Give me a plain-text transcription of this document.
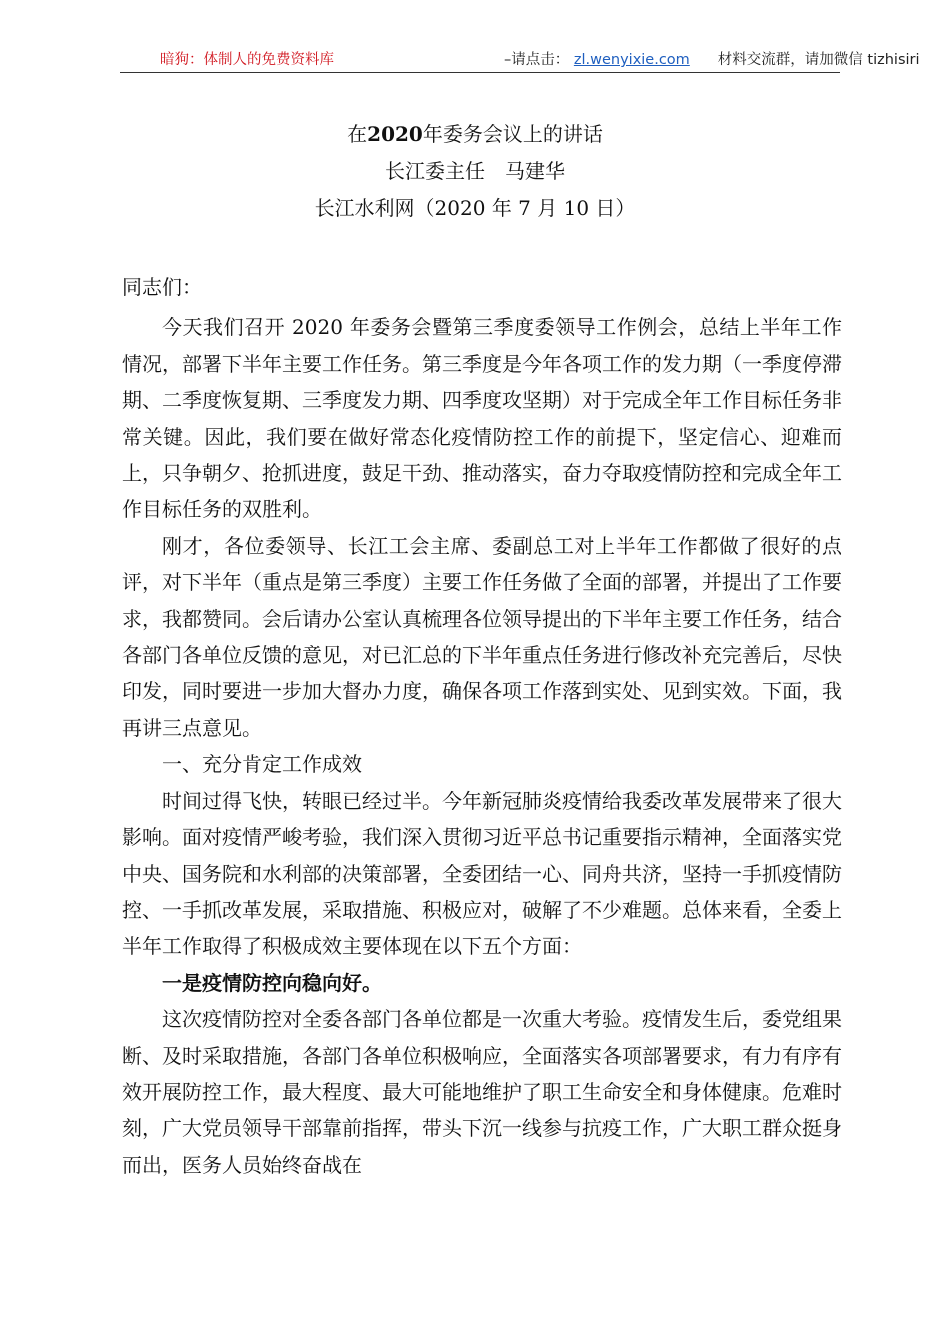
暗狗：体制人的免费资料库	–请点击： zl.wenyixie.com 材料交流群，请加微信 tizhisiri
在2020年委务会议上的讲话
长江委主任　马建华
长江水利网（2020 年 7 月 10 日）

同志们：

今天我们召开 2020 年委务会暨第三季度委领导工作例会，总结上半年工作情况，部署下半年主要工作任务。第三季度是今年各项工作的发力期（一季度停滞期、二季度恢复期、三季度发力期、四季度攻坚期）对于完成全年工作目标任务非常关键。因此，我们要在做好常态化疫情防控工作的前提下，坚定信心、迎难而上，只争朝夕、抢抓进度，鼓足干劲、推动落实，奋力夺取疫情防控和完成全年工作目标任务的双胜利。

刚才，各位委领导、长江工会主席、委副总工对上半年工作都做了很好的点评，对下半年（重点是第三季度）主要工作任务做了全面的部署，并提出了工作要求，我都赞同。会后请办公室认真梳理各位领导提出的下半年主要工作任务，结合各部门各单位反馈的意见，对已汇总的下半年重点任务进行修改补充完善后，尽快印发，同时要进一步加大督办力度，确保各项工作落到实处、见到实效。下面，我再讲三点意见。

一、充分肯定工作成效

时间过得飞快，转眼已经过半。今年新冠肺炎疫情给我委改革发展带来了很大影响。面对疫情严峻考验，我们深入贯彻习近平总书记重要指示精神，全面落实党中央、国务院和水利部的决策部署，全委团结一心、同舟共济，坚持一手抓疫情防控、一手抓改革发展，采取措施、积极应对，破解了不少难题。总体来看，全委上半年工作取得了积极成效主要体现在以下五个方面：

一是疫情防控向稳向好。

这次疫情防控对全委各部门各单位都是一次重大考验。疫情发生后，委党组果断、及时采取措施，各部门各单位积极响应，全面落实各项部署要求，有力有序有效开展防控工作，最大程度、最大可能地维护了职工生命安全和身体健康。危难时刻，广大党员领导干部靠前指挥，带头下沉一线参与抗疫工作，广大职工群众挺身而出，医务人员始终奋战在
